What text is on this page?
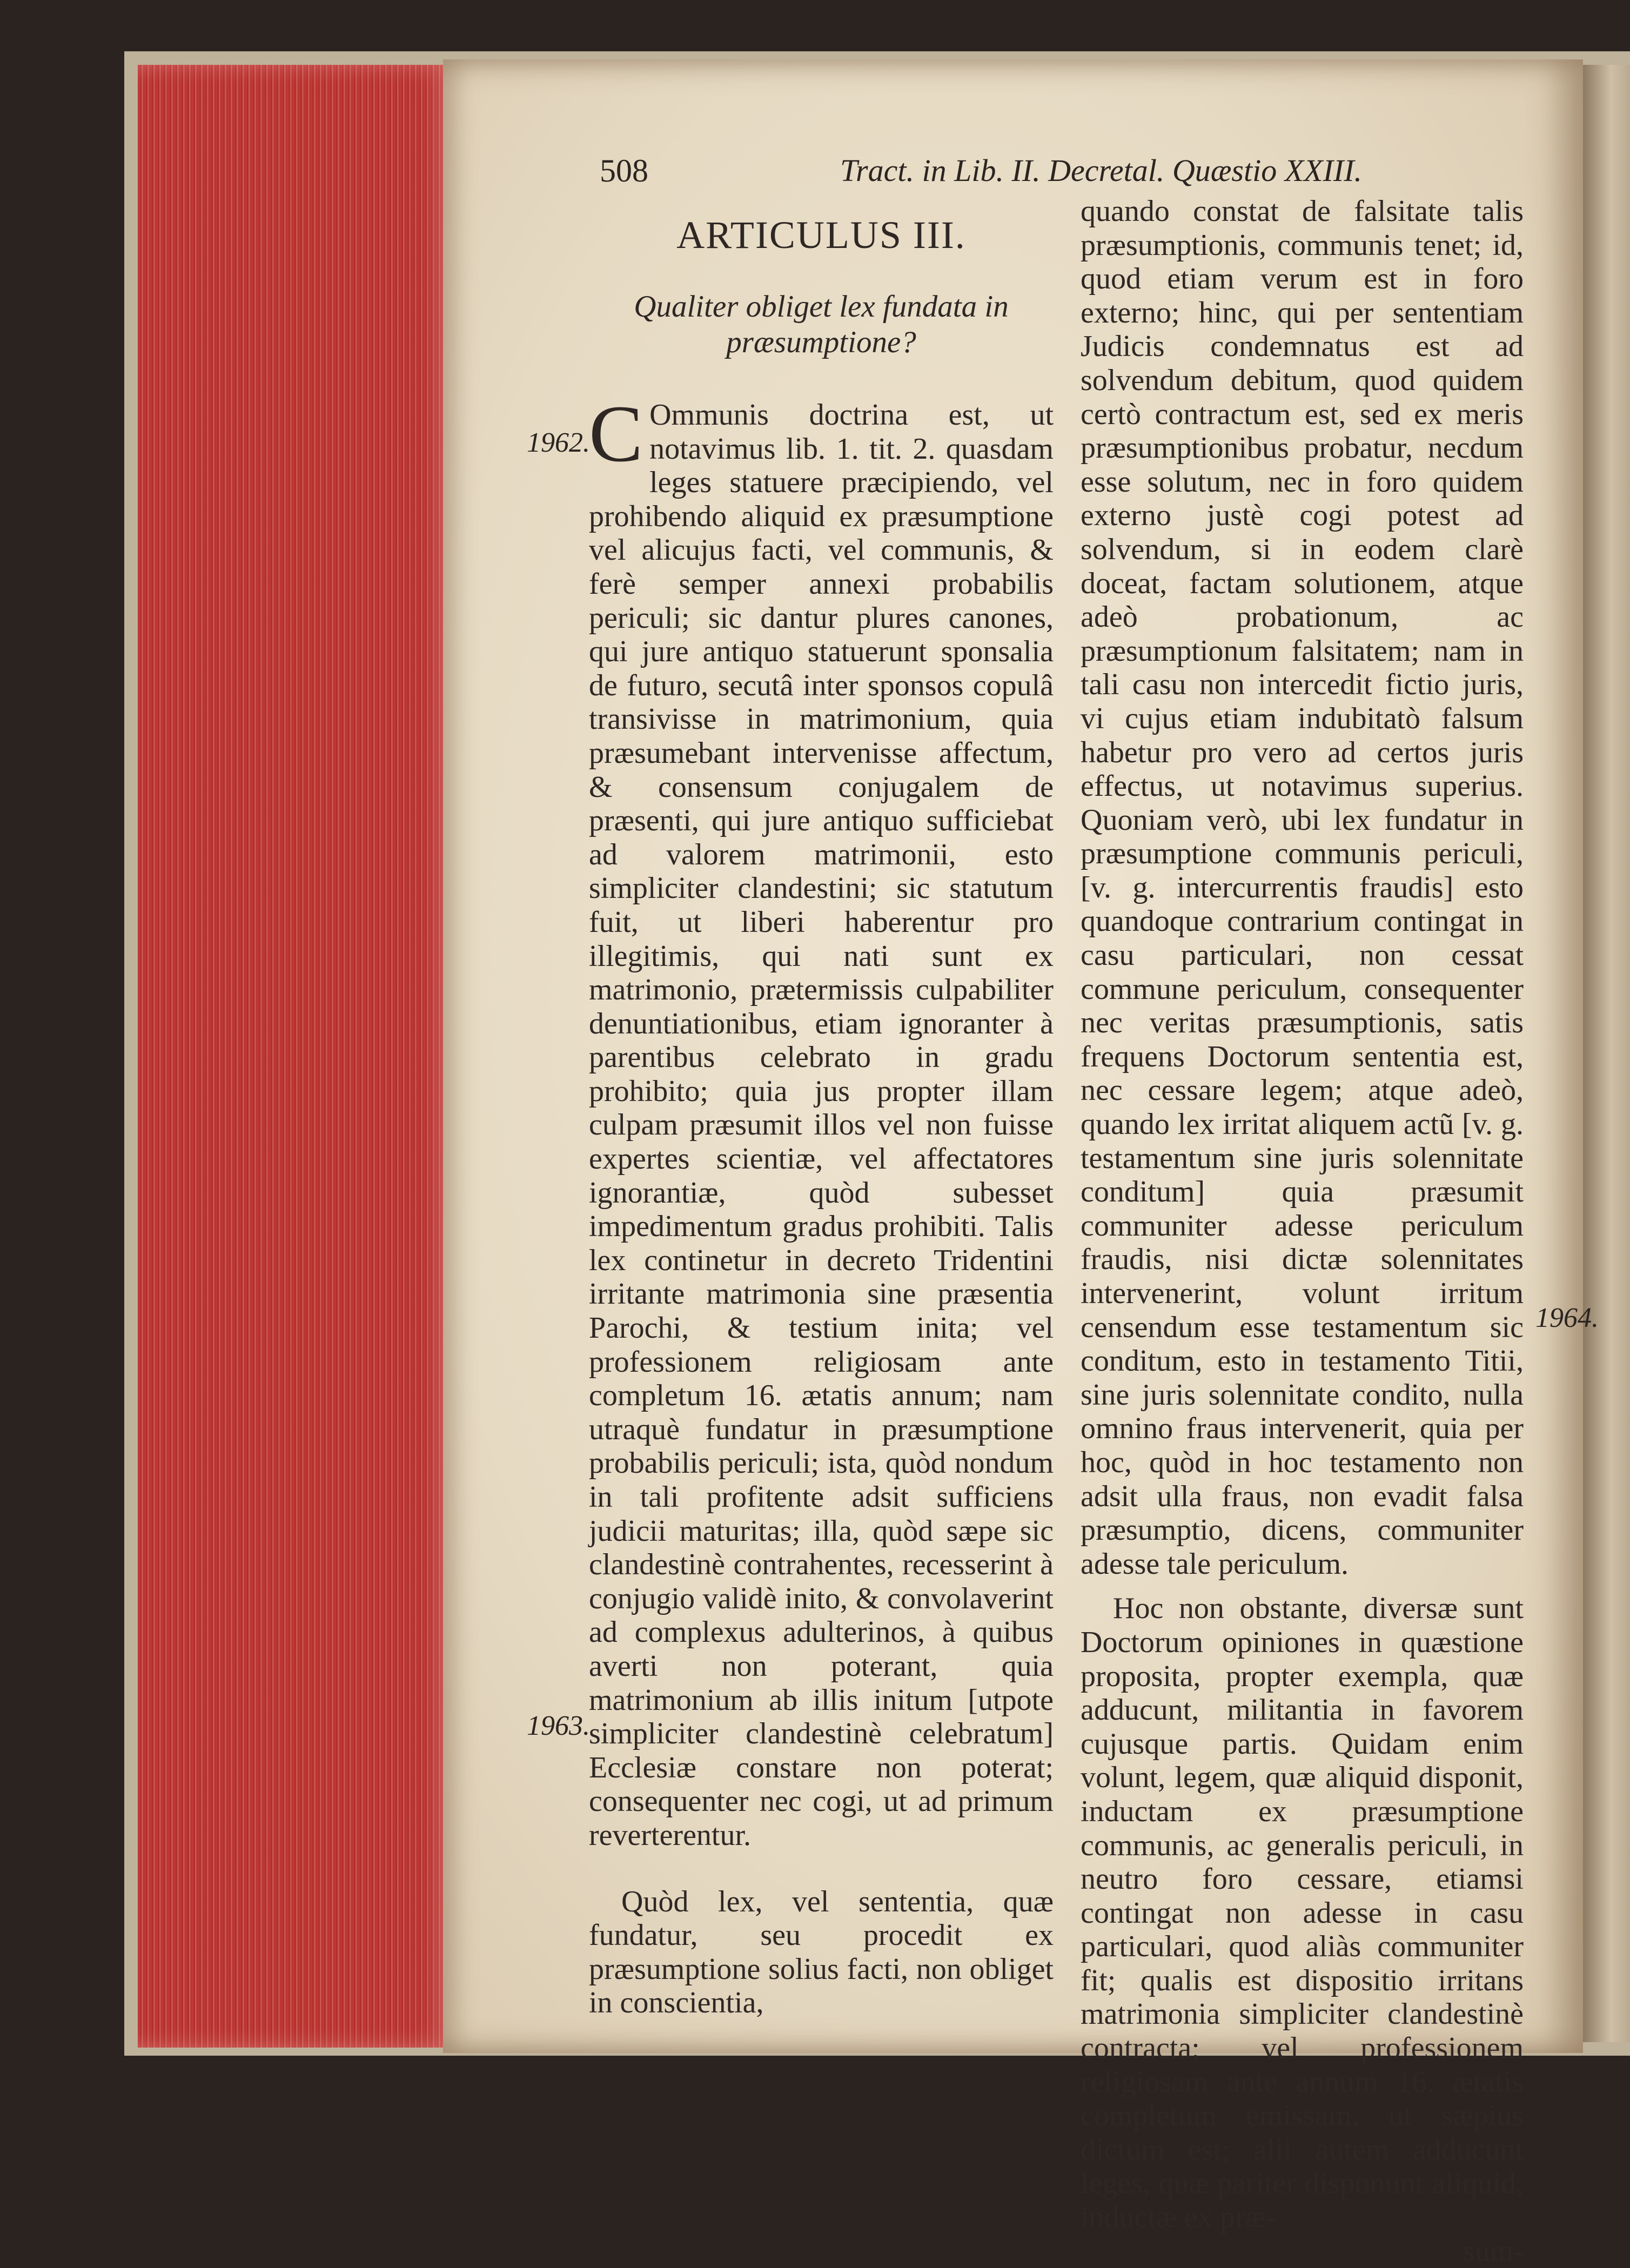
508	Tract. in Lib. II. Decretal. Quæstio XXIII.
1962.
1963.
1964.
ARTICULUS III.
Qualiter obliget lex fundata in præsumptione?

C Ommunis doctrina est, ut notavimus lib. 1. tit. 2. quasdam leges statuere præcipiendo, vel prohibendo aliquid ex præsumptione vel alicujus facti, vel communis, & ferè semper annexi probabilis periculi; sic dantur plures canones, qui jure antiquo statuerunt sponsalia de futuro, secutâ inter sponsos copulâ transivisse in matrimonium, quia præsumebant intervenisse affectum, & consensum conjugalem de præsenti, qui jure antiquo sufficiebat ad valorem matrimonii, esto simpliciter clandestini; sic statutum fuit, ut liberi haberentur pro illegitimis, qui nati sunt ex matrimonio, prætermissis culpabiliter denuntiationibus, etiam ignoranter à parentibus celebrato in gradu prohibito; quia jus propter illam culpam præsumit illos vel non fuisse expertes scientiæ, vel affectatores ignorantiæ, quòd subesset impedimentum gradus prohibiti. Talis lex continetur in decreto Tridentini irritante matrimonia sine præsentia Parochi, & testium inita; vel professionem religiosam ante completum 16. ætatis annum; nam utraquè fundatur in præsumptione probabilis periculi; ista, quòd nondum in tali profitente adsit sufficiens judicii maturitas; illa, quòd sæpe sic clandestinè contrahentes, recesserint à conjugio validè inito, & convolaverint ad complexus adulterinos, à quibus averti non poterant, quia matrimonium ab illis initum [utpote simpliciter clandestinè celebratum] Ecclesiæ constare non poterat; consequenter nec cogi, ut ad primum reverterentur.

Quòd lex, vel sententia, quæ fundatur, seu procedit ex præsumptione solius facti, non obliget in conscientia,

quando constat de falsitate talis præsumptionis, communis tenet; id, quod etiam verum est in foro externo; hinc, qui per sententiam Judicis condemnatus est ad solvendum debitum, quod quidem certò contractum est, sed ex meris præsumptionibus probatur, necdum esse solutum, nec in foro quidem externo justè cogi potest ad solvendum, si in eodem clarè doceat, factam solutionem, atque adeò probationum, ac præsumptionum falsitatem; nam in tali casu non intercedit fictio juris, vi cujus etiam indubitatò falsum habetur pro vero ad certos juris effectus, ut notavimus superius. Quoniam verò, ubi lex fundatur in præsumptione communis periculi, [v. g. intercurrentis fraudis] esto quandoque contrarium contingat in casu particulari, non cessat commune periculum, consequenter nec veritas præsumptionis, satis frequens Doctorum sententia est, nec cessare legem; atque adeò, quando lex irritat aliquem actũ [v. g. testamentum sine juris solennitate conditum] quia præsumit communiter adesse periculum fraudis, nisi dictæ solennitates intervenerint, volunt irritum censendum esse testamentum sic conditum, esto in testamento Titii, sine juris solennitate condito, nulla omnino fraus intervenerit, quia per hoc, quòd in hoc testamento non adsit ulla fraus, non evadit falsa præsumptio, dicens, communiter adesse tale periculum.

Hoc non obstante, diversæ sunt Doctorum opiniones in quæstione proposita, propter exempla, quæ adducunt, militantia in favorem cujusque partis. Quidam enim volunt, legem, quæ aliquid disponit, inductam ex præsumptione communis, ac generalis periculi, in neutro foro cessare, etiamsi contingat non adesse in casu particulari, quod aliàs communiter fit; qualis est dispositio irritans matrimonia simpliciter clandestinè contracta; vel professionem religiosam ante annum 16. ætatis completum emissam, ut sæpius dictum est; alii autem adducunt leges, quæ pariter disponunt aliquid, inductæ ex præ-

sum-
